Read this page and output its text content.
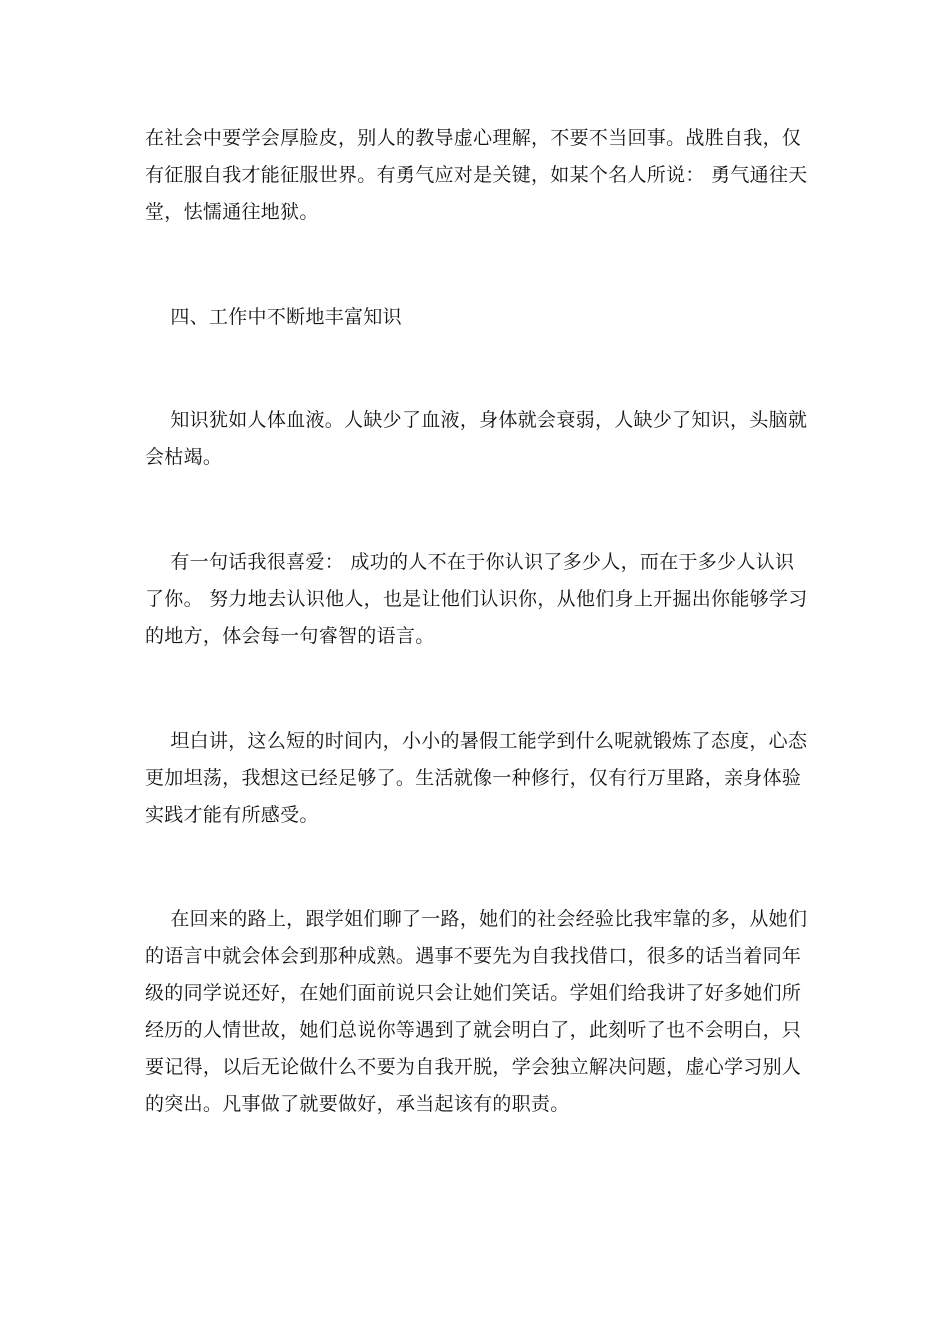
在社会中要学会厚脸皮，别人的教导虚心理解，不要不当回事。战胜自我，仅

有征服自我才能征服世界。有勇气应对是关键，如某个名人所说： 勇气通往天

堂，怯懦通往地狱。

四、工作中不断地丰富知识

知识犹如人体血液。人缺少了血液，身体就会衰弱，人缺少了知识，头脑就

会枯竭。

有一句话我很喜爱： 成功的人不在于你认识了多少人，而在于多少人认识

了你。 努力地去认识他人，也是让他们认识你，从他们身上开掘出你能够学习

的地方，体会每一句睿智的语言。

坦白讲，这么短的时间内，小小的暑假工能学到什么呢就锻炼了态度，心态

更加坦荡，我想这已经足够了。生活就像一种修行，仅有行万里路，亲身体验

实践才能有所感受。

在回来的路上，跟学姐们聊了一路，她们的社会经验比我牢靠的多，从她们

的语言中就会体会到那种成熟。遇事不要先为自我找借口，很多的话当着同年

级的同学说还好，在她们面前说只会让她们笑话。学姐们给我讲了好多她们所

经历的人情世故，她们总说你等遇到了就会明白了，此刻听了也不会明白，只

要记得，以后无论做什么不要为自我开脱，学会独立解决问题，虚心学习别人

的突出。凡事做了就要做好，承当起该有的职责。
